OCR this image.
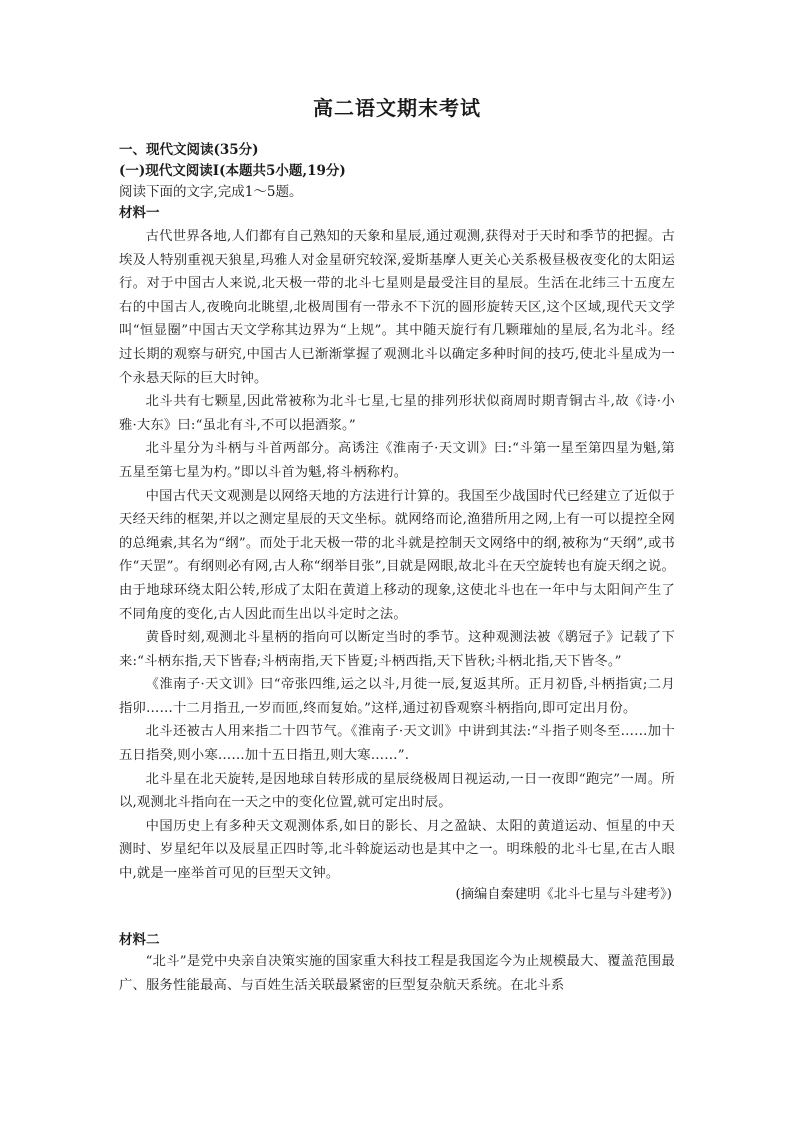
高二语文期末考试
一、现代文阅读(35分)
(一)现代文阅读Ⅰ(本题共5小题,19分)
阅读下面的文字,完成1～5题。
材料一

古代世界各地,人们都有自己熟知的天象和星辰,通过观测,获得对于天时和季节的把握。古埃及人特别重视天狼星,玛雅人对金星研究较深,爱斯基摩人更关心关系极昼极夜变化的太阳运行。对于中国古人来说,北天极一带的北斗七星则是最受注目的星辰。生活在北纬三十五度左右的中国古人,夜晚向北眺望,北极周围有一带永不下沉的圆形旋转天区,这个区域,现代天文学叫“恒显圈”中国古天文学称其边界为“上规”。其中随天旋行有几颗璀灿的星辰,名为北斗。经过长期的观察与研究,中国古人已渐渐掌握了观测北斗以确定多种时间的技巧,使北斗星成为一个永悬天际的巨大时钟。

北斗共有七颗星,因此常被称为北斗七星,七星的排列形状似商周时期青铜古斗,故《诗·小雅·大东》曰:“虽北有斗,不可以挹酒浆。”

北斗星分为斗柄与斗首两部分。高诱注《淮南子·天文训》曰:“斗第一星至第四星为魁,第五星至第七星为杓。”即以斗首为魁,将斗柄称杓。

中国古代天文观测是以网络天地的方法进行计算的。我国至少战国时代已经建立了近似于天经天纬的框架,并以之测定星辰的天文坐标。就网络而论,渔猎所用之网,上有一可以提控全网的总绳索,其名为“纲”。而处于北天极一带的北斗就是控制天文网络中的纲,被称为“天纲”,或书作“天罡”。有纲则必有网,古人称“纲举目张”,目就是网眼,故北斗在天空旋转也有旋天纲之说。由于地球环绕太阳公转,形成了太阳在黄道上移动的现象,这使北斗也在一年中与太阳间产生了不同角度的变化,古人因此而生出以斗定时之法。

黄昏时刻,观测北斗星柄的指向可以断定当时的季节。这种观测法被《鹖冠子》记载了下来:“斗柄东指,天下皆春;斗柄南指,天下皆夏;斗柄西指,天下皆秋;斗柄北指,天下皆冬。”

《淮南子·天文训》曰“帝张四维,运之以斗,月徙一辰,复返其所。正月初昏,斗柄指寅;二月指卯……十二月指丑,一岁而匝,终而复始。”这样,通过初昏观察斗柄指向,即可定出月份。

北斗还被古人用来指二十四节气。《淮南子·天文训》中讲到其法:“斗指子则冬至……加十五日指癸,则小寒……加十五日指丑,则大寒……”.

北斗星在北天旋转,是因地球自转形成的星辰绕极周日视运动,一日一夜即“跑完”一周。所以,观测北斗指向在一天之中的变化位置,就可定出时辰。

中国历史上有多种天文观测体系,如日的影长、月之盈缺、太阳的黄道运动、恒星的中天测时、岁星纪年以及辰星正四时等,北斗斡旋运动也是其中之一。明珠般的北斗七星,在古人眼中,就是一座举首可见的巨型天文钟。

(摘编自秦建明《北斗七星与斗建考》)
材料二

“北斗”是党中央亲自决策实施的国家重大科技工程是我国迄今为止规模最大、覆盖范围最广、服务性能最高、与百姓生活关联最紧密的巨型复杂航天系统。在北斗系
